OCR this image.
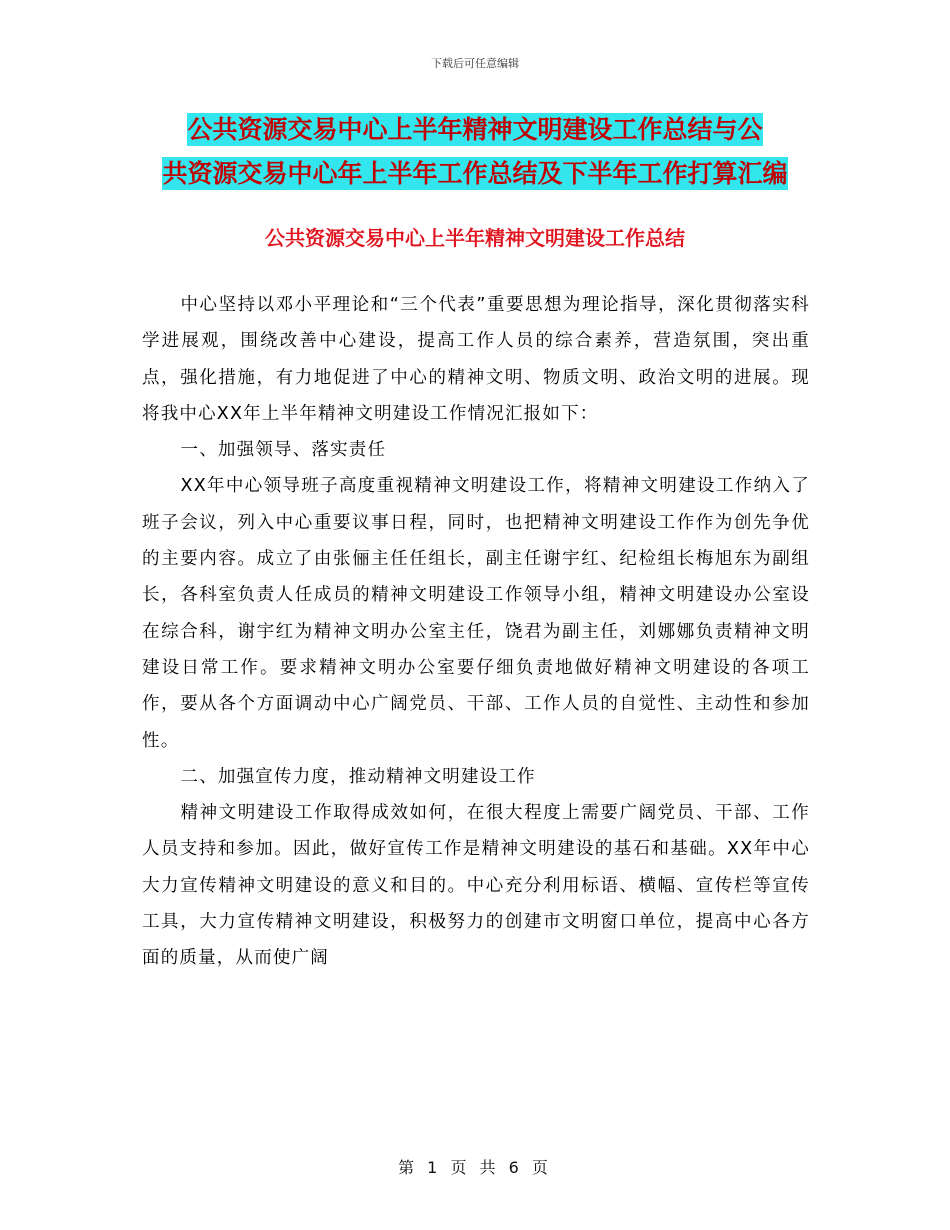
下载后可任意编辑
公共资源交易中心上半年精神文明建设工作总结与公
共资源交易中心年上半年工作总结及下半年工作打算汇编
公共资源交易中心上半年精神文明建设工作总结

中心坚持以邓小平理论和“三个代表”重要思想为理论指导，深化贯彻落实科学进展观，围绕改善中心建设，提高工作人员的综合素养，营造氛围，突出重点，强化措施，有力地促进了中心的精神文明、物质文明、政治文明的进展。现将我中心XX年上半年精神文明建设工作情况汇报如下：

一、加强领导、落实责任

XX年中心领导班子高度重视精神文明建设工作，将精神文明建设工作纳入了班子会议，列入中心重要议事日程，同时，也把精神文明建设工作作为创先争优的主要内容。成立了由张俪主任任组长，副主任谢宇红、纪检组长梅旭东为副组长，各科室负责人任成员的精神文明建设工作领导小组，精神文明建设办公室设在综合科，谢宇红为精神文明办公室主任，饶君为副主任，刘娜娜负责精神文明建设日常工作。要求精神文明办公室要仔细负责地做好精神文明建设的各项工作，要从各个方面调动中心广阔党员、干部、工作人员的自觉性、主动性和参加性。

二、加强宣传力度，推动精神文明建设工作

精神文明建设工作取得成效如何，在很大程度上需要广阔党员、干部、工作人员支持和参加。因此，做好宣传工作是精神文明建设的基石和基础。XX年中心大力宣传精神文明建设的意义和目的。中心充分利用标语、横幅、宣传栏等宣传工具，大力宣传精神文明建设，积极努力的创建市文明窗口单位，提高中心各方面的质量，从而使广阔

第 1 页 共 6 页
